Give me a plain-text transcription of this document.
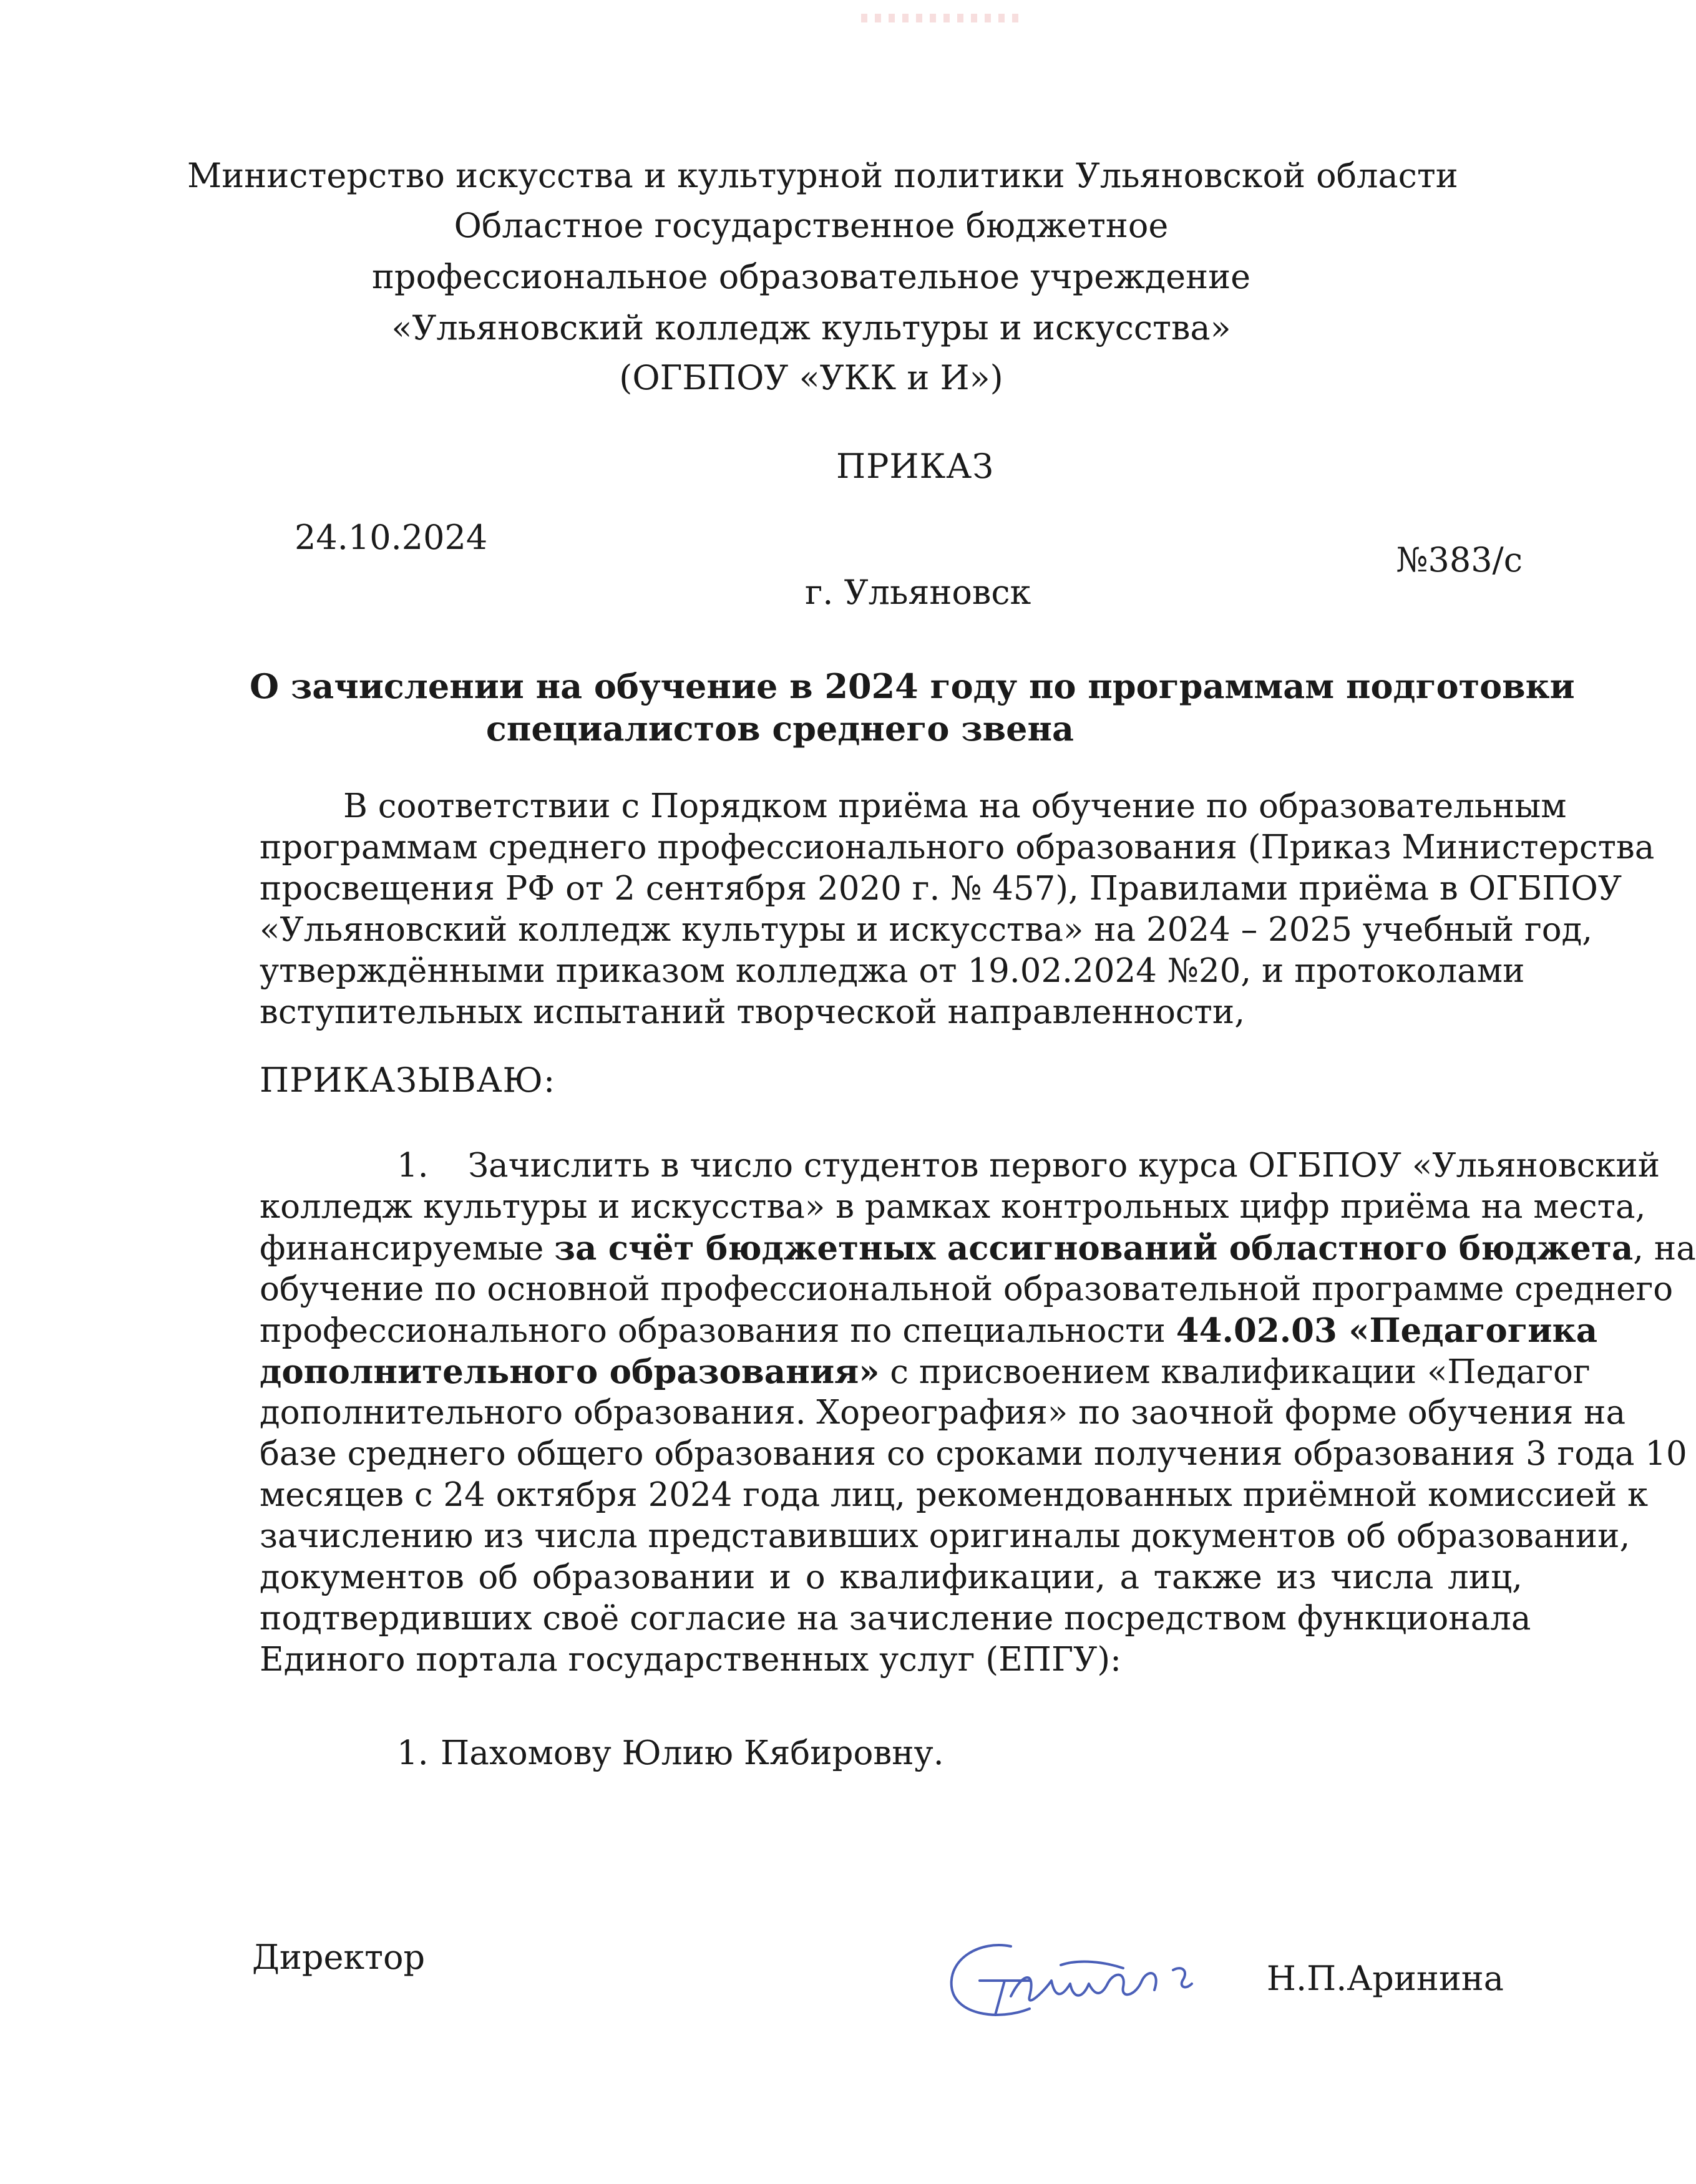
Министерство искусства и культурной политики Ульяновской области
Областное государственное бюджетное
профессиональное образовательное учреждение
«Ульяновский колледж культуры и искусства»
(ОГБПОУ «УКК и И»)
ПРИКАЗ
24.10.2024
№383/с
г. Ульяновск
О зачислении на обучение в 2024 году по программам подготовки
специалистов среднего звена
В соответствии с Порядком приёма на обучение по образовательным
программам среднего профессионального образования (Приказ Министерства
просвещения РФ от 2 сентября 2020 г. № 457), Правилами приёма в ОГБПОУ
«Ульяновский колледж культуры и искусства» на 2024 – 2025 учебный год,
утверждёнными приказом колледжа от 19.02.2024 №20, и протоколами
вступительных испытаний творческой направленности,
ПРИКАЗЫВАЮ:
1. Зачислить в число студентов первого курса ОГБПОУ «Ульяновский
колледж культуры и искусства» в рамках контрольных цифр приёма на места,
финансируемые за счёт бюджетных ассигнований областного бюджета, на
обучение по основной профессиональной образовательной программе среднего
профессионального образования по специальности 44.02.03 «Педагогика
дополнительного образования» с присвоением квалификации «Педагог
дополнительного образования. Хореография» по заочной форме обучения на
базе среднего общего образования со сроками получения образования 3 года 10
месяцев с 24 октября 2024 года лиц, рекомендованных приёмной комиссией к
зачислению из числа представивших оригиналы документов об образовании,
документов об образовании и о квалификации, а также из числа лиц,
подтвердивших своё согласие на зачисление посредством функционала
Единого портала государственных услуг (ЕПГУ):
1. Пахомову Юлию Кябировну.
Директор
Н.П.Аринина
